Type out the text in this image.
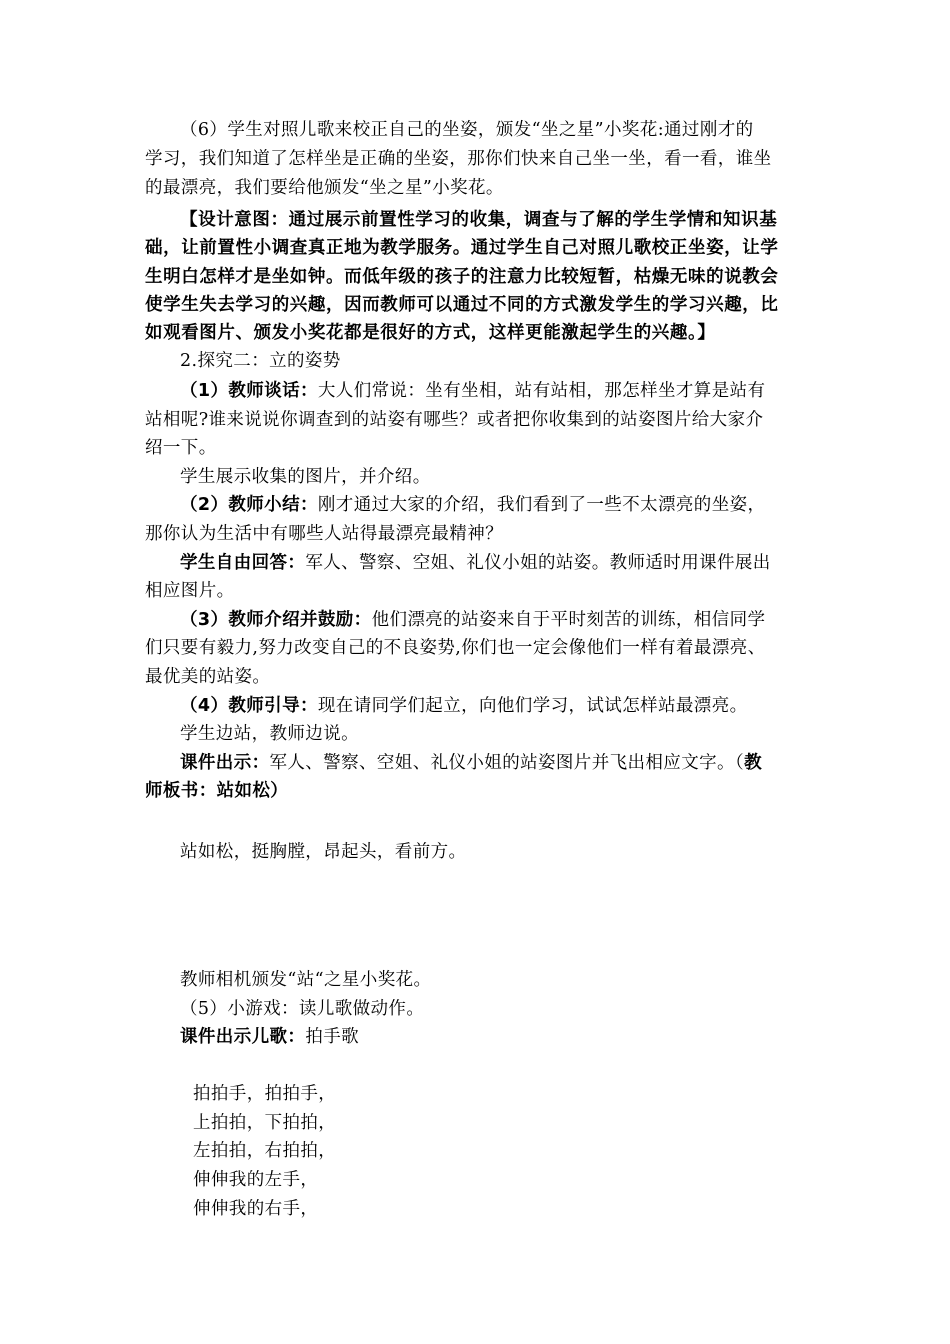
（6）学生对照儿歌来校正自己的坐姿，颁发“坐之星”小奖花:通过刚才的
学习，我们知道了怎样坐是正确的坐姿，那你们快来自己坐一坐，看一看，谁坐
的最漂亮，我们要给他颁发“坐之星”小奖花。
【设计意图：通过展示前置性学习的收集，调查与了解的学生学情和知识基
础，让前置性小调查真正地为教学服务。通过学生自己对照儿歌校正坐姿，让学
生明白怎样才是坐如钟。而低年级的孩子的注意力比较短暂，枯燥无味的说教会
使学生失去学习的兴趣，因而教师可以通过不同的方式激发学生的学习兴趣，比
如观看图片、颁发小奖花都是很好的方式，这样更能激起学生的兴趣。】
2.探究二：立的姿势
（1）教师谈话：大人们常说：坐有坐相，站有站相，那怎样坐才算是站有
站相呢?谁来说说你调查到的站姿有哪些？或者把你收集到的站姿图片给大家介
绍一下。
学生展示收集的图片，并介绍。
（2）教师小结：刚才通过大家的介绍，我们看到了一些不太漂亮的坐姿，
那你认为生活中有哪些人站得最漂亮最精神？
学生自由回答：军人、警察、空姐、礼仪小姐的站姿。教师适时用课件展出
相应图片。
（3）教师介绍并鼓励：他们漂亮的站姿来自于平时刻苦的训练，相信同学
们只要有毅力,努力改变自己的不良姿势,你们也一定会像他们一样有着最漂亮、
最优美的站姿。
（4）教师引导：现在请同学们起立，向他们学习，试试怎样站最漂亮。
学生边站，教师边说。
课件出示：军人、警察、空姐、礼仪小姐的站姿图片并飞出相应文字。（教
师板书：站如松）
站如松，挺胸膛，昂起头，看前方。
教师相机颁发“站“之星小奖花。
（5）小游戏：读儿歌做动作。
课件出示儿歌：拍手歌
拍拍手，拍拍手，
上拍拍，下拍拍，
左拍拍，右拍拍，
伸伸我的左手，
伸伸我的右手，
